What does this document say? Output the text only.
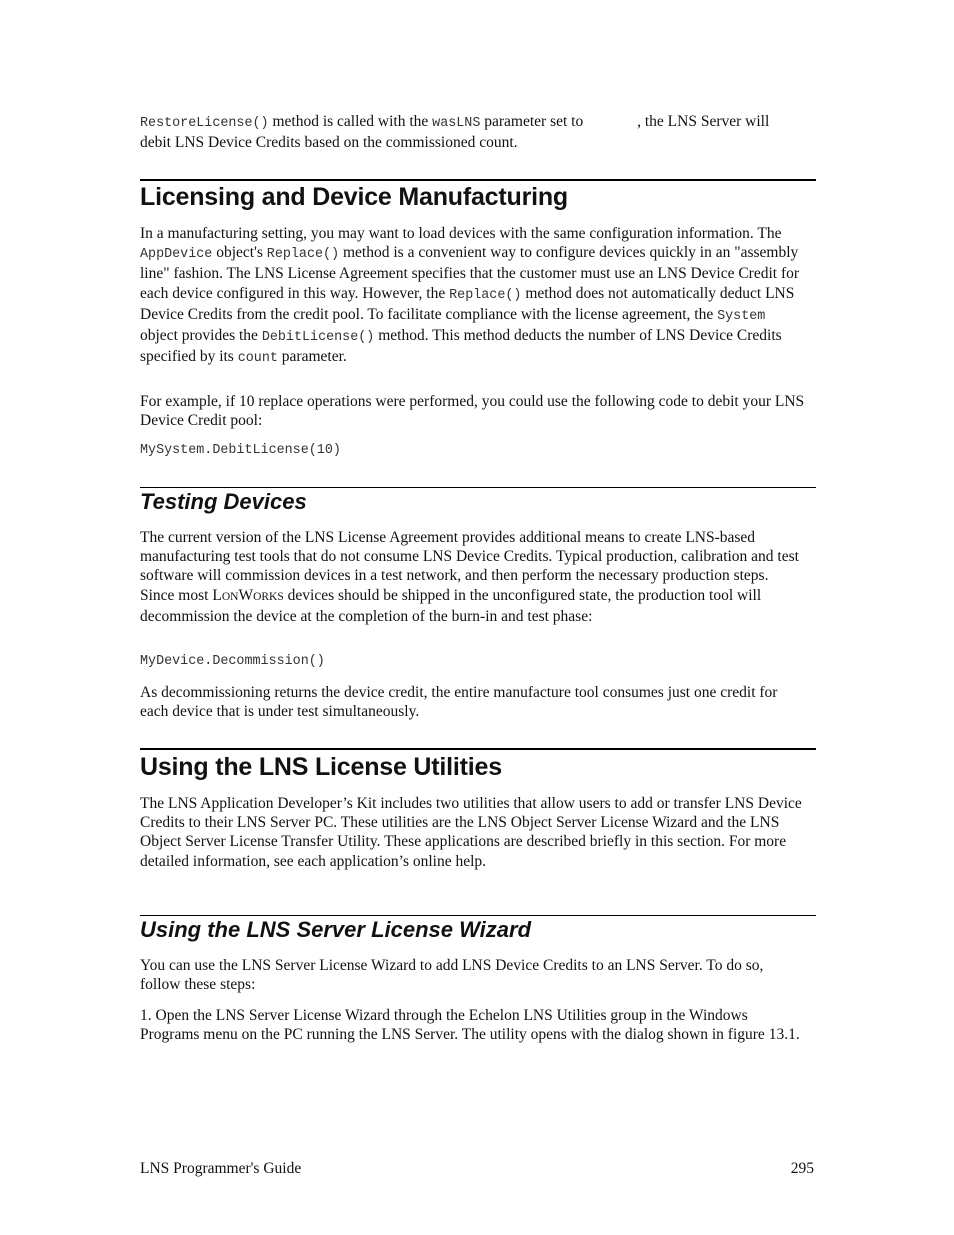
RestoreLicense() method is called with the wasLNS parameter set to	, the LNS Server will debit LNS Device Credits based on the commissioned count.

Licensing and Device Manufacturing

In a manufacturing setting, you may want to load devices with the same configuration information. The AppDevice object's Replace() method is a convenient way to configure devices quickly in an "assembly line" fashion. The LNS License Agreement specifies that the customer must use an LNS Device Credit for each device configured in this way. However, the Replace() method does not automatically deduct LNS Device Credits from the credit pool. To facilitate compliance with the license agreement, the System object provides the DebitLicense() method. This method deducts the number of LNS Device Credits specified by its count parameter.

For example, if 10 replace operations were performed, you could use the following code to debit your LNS Device Credit pool:

MySystem.DebitLicense(10)

Testing Devices

The current version of the LNS License Agreement provides additional means to create LNS-based manufacturing test tools that do not consume LNS Device Credits. Typical production, calibration and test software will commission devices in a test network, and then perform the necessary production steps. Since most LONWORKS devices should be shipped in the unconfigured state, the production tool will decommission the device at the completion of the burn-in and test phase:

MyDevice.Decommission()

As decommissioning returns the device credit, the entire manufacture tool consumes just one credit for each device that is under test simultaneously.

Using the LNS License Utilities

The LNS Application Developer’s Kit includes two utilities that allow users to add or transfer LNS Device Credits to their LNS Server PC. These utilities are the LNS Object Server License Wizard and the LNS Object Server License Transfer Utility. These applications are described briefly in this section. For more detailed information, see each application’s online help.

Using the LNS Server License Wizard

You can use the LNS Server License Wizard to add LNS Device Credits to an LNS Server. To do so, follow these steps:

1. Open the LNS Server License Wizard through the Echelon LNS Utilities group in the Windows Programs menu on the PC running the LNS Server. The utility opens with the dialog shown in figure 13.1.

LNS Programmer's Guide	295
